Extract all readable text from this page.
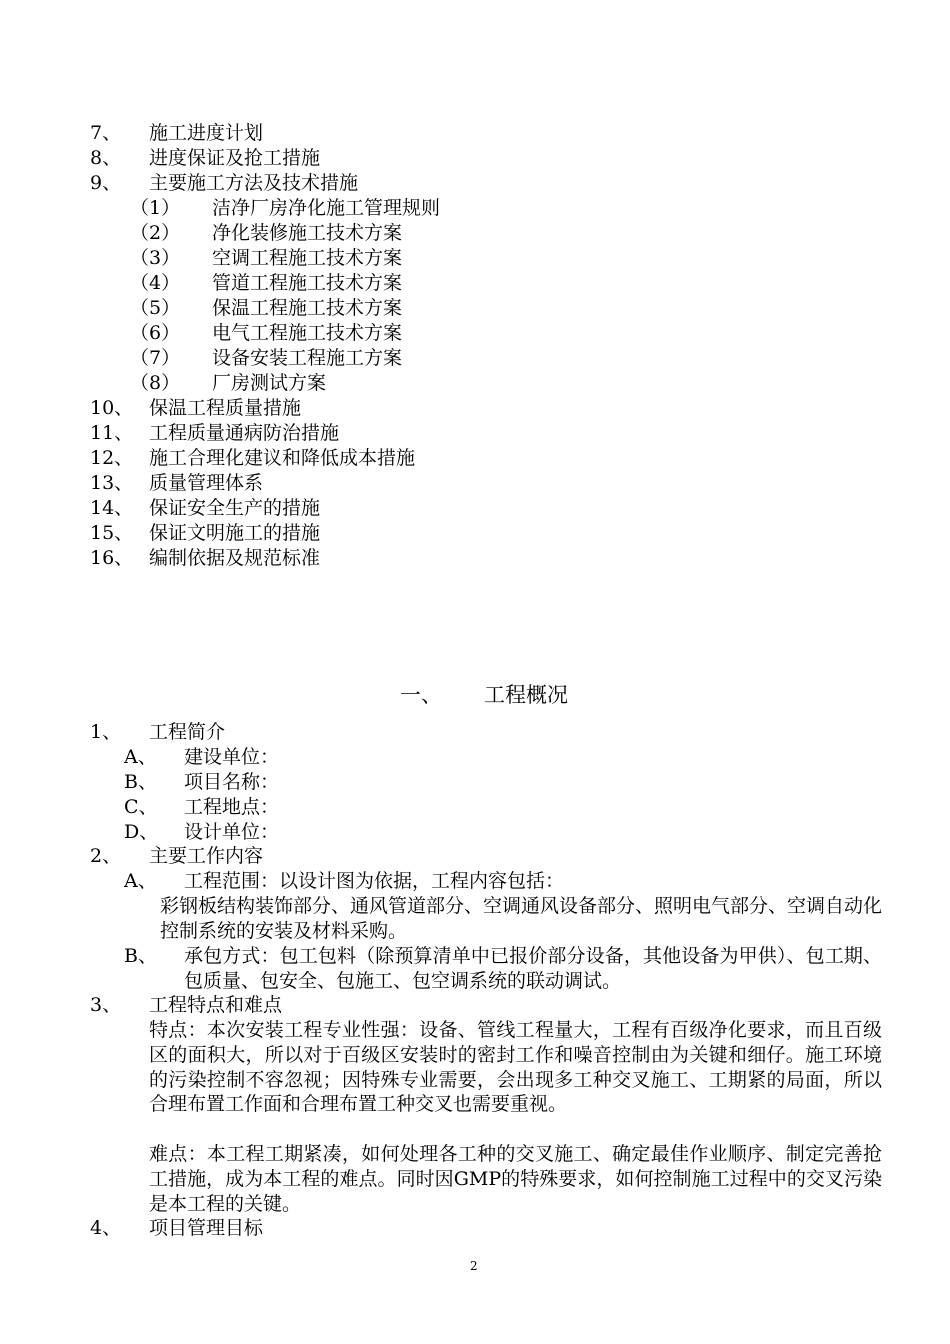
7、 施工进度计划
8、 进度保证及抢工措施
9、 主要施工方法及技术措施
（1） 洁净厂房净化施工管理规则
（2） 净化装修施工技术方案
（3） 空调工程施工技术方案
（4） 管道工程施工技术方案
（5） 保温工程施工技术方案
（6） 电气工程施工技术方案
（7） 设备安装工程施工方案
（8） 厂房测试方案
10、 保温工程质量措施
11、 工程质量通病防治措施
12、 施工合理化建议和降低成本措施
13、 质量管理体系
14、 保证安全生产的措施
15、 保证文明施工的措施
16、 编制依据及规范标准
一、 工程概况
1、 工程简介
A、 建设单位：
B、 项目名称：
C、 工程地点：
D、 设计单位：
2、 主要工作内容
A、 工程范围：以设计图为依据，工程内容包括：
彩钢板结构装饰部分、通风管道部分、空调通风设备部分、照明电气部分、空调自动化控制系统的安装及材料采购。
B、 承包方式：包工包料（除预算清单中已报价部分设备，其他设备为甲供）、包工期、包质量、包安全、包施工、包空调系统的联动调试。
3、 工程特点和难点
特点：本次安装工程专业性强：设备、管线工程量大，工程有百级净化要求，而且百级区的面积大，所以对于百级区安装时的密封工作和噪音控制由为关键和细仔。施工环境的污染控制不容忽视；因特殊专业需要，会出现多工种交叉施工、工期紧的局面，所以合理布置工作面和合理布置工种交叉也需要重视。
难点：本工程工期紧凑，如何处理各工种的交叉施工、确定最佳作业顺序、制定完善抢工措施，成为本工程的难点。同时因GMP的特殊要求，如何控制施工过程中的交叉污染是本工程的关键。
4、 项目管理目标
2
